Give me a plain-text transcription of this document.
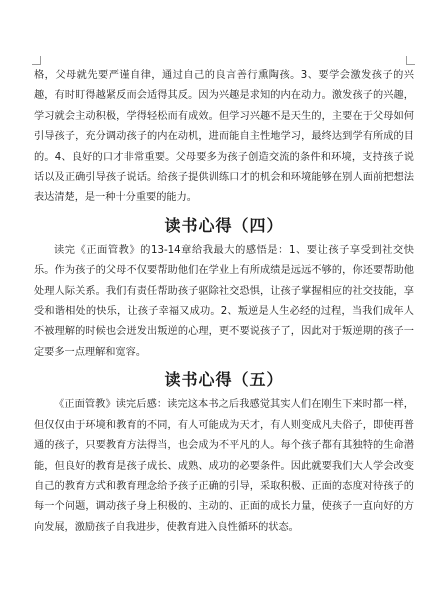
格，父母就先要严谨自律，通过自己的良言善行熏陶孩。3、要学会激发孩子的兴趣，有时盯得越紧反而会适得其反。因为兴趣是求知的内在动力。激发孩子的兴趣，学习就会主动积极，学得轻松而有成效。但学习兴趣不是天生的，主要在于父母如何引导孩子，充分调动孩子的内在动机，进而能自主性地学习，最终达到学有所成的目的。4、良好的口才非常重要。父母要多为孩子创造交流的条件和环境，支持孩子说话以及正确引导孩子说话。给孩子提供训练口才的机会和环境能够在别人面前把想法表达清楚，是一种十分重要的能力。

读书心得（四）

读完《正面管教》的13-14章给我最大的感悟是：1、要让孩子享受到社交快乐。作为孩子的父母不仅要帮助他们在学业上有所成绩是远远不够的，你还要帮助他处理人际关系。我们有责任帮助孩子驱除社交恐惧，让孩子掌握相应的社交技能，享受和谐相处的快乐，让孩子幸福又成功。2、叛逆是人生必经的过程，当我们成年人不被理解的时候也会迸发出叛逆的心理，更不要说孩子了，因此对于叛逆期的孩子一定要多一点理解和宽容。

读书心得（五）

《正面管教》读完后感：读完这本书之后我感觉其实人们在刚生下来时都一样，但仅仅由于环境和教育的不同，有人可能成为天才，有人则变成凡夫俗子，即使再普通的孩子，只要教育方法得当，也会成为不平凡的人。每个孩子都有其独特的生命潜能，但良好的教育是孩子成长、成熟、成功的必要条件。因此就要我们大人学会改变自己的教育方式和教育理念给予孩子正确的引导，采取积极、正面的态度对待孩子的每一个问题，调动孩子身上积极的、主动的、正面的成长力量，使孩子一直向好的方向发展，激励孩子自我进步，使教育进入良性循环的状态。
